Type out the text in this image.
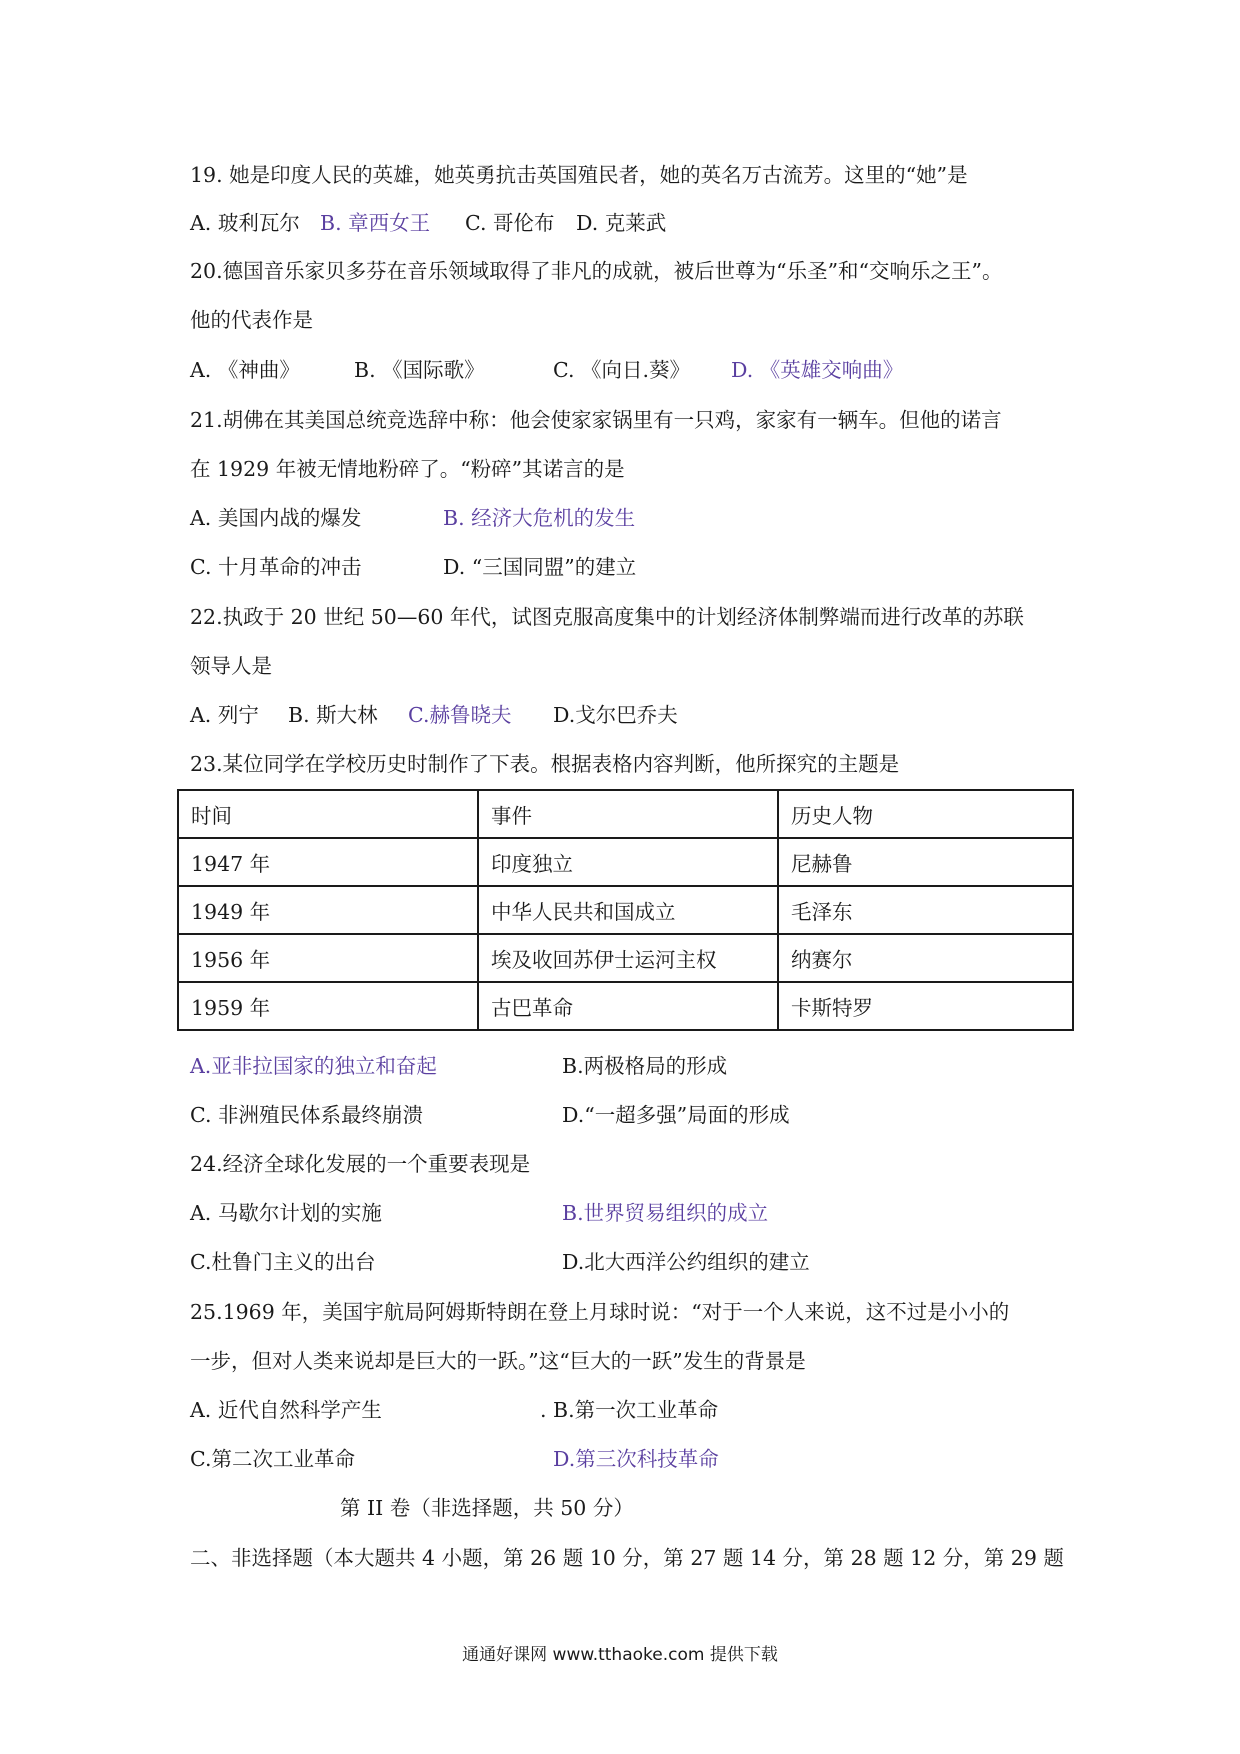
19. 她是印度人民的英雄，她英勇抗击英国殖民者，她的英名万古流芳。这里的“她”是
A. 玻利瓦尔 B. 章西女王 C. 哥伦布 D. 克莱武
20.德国音乐家贝多芬在音乐领域取得了非凡的成就，被后世尊为“乐圣”和“交响乐之王”。
他的代表作是
A. 《神曲》	B. 《国际歌》	C. 《向日.葵》 D. 《英雄交响曲》
21.胡佛在其美国总统竞选辞中称：他会使家家锅里有一只鸡，家家有一辆车。但他的诺言
在 1929 年被无情地粉碎了。“粉碎”其诺言的是
A. 美国内战的爆发	B. 经济大危机的发生
C. 十月革命的冲击	D. “三国同盟”的建立
22.执政于 20 世纪 50—60 年代，试图克服高度集中的计划经济体制弊端而进行改革的苏联
领导人是
A. 列宁 B. 斯大林 C.赫鲁晓夫 D.戈尔巴乔夫
23.某位同学在学校历史时制作了下表。根据表格内容判断，他所探究的主题是
时间	事件	历史人物
1947 年	印度独立	尼赫鲁
1949 年	中华人民共和国成立	毛泽东
1956 年	埃及收回苏伊士运河主权	纳赛尔
1959 年	古巴革命	卡斯特罗
A.亚非拉国家的独立和奋起	B.两极格局的形成
C. 非洲殖民体系最终崩溃	D.“一超多强”局面的形成
24.经济全球化发展的一个重要表现是
A. 马歇尔计划的实施	B.世界贸易组织的成立
C.杜鲁门主义的出台	D.北大西洋公约组织的建立
25.1969 年，美国宇航局阿姆斯特朗在登上月球时说：“对于一个人来说，这不过是小小的
一步，但对人类来说却是巨大的一跃。”这“巨大的一跃”发生的背景是
A. 近代自然科学产生	. B.第一次工业革命
C.第二次工业革命	D.第三次科技革命
第 II 卷（非选择题，共 50 分）
二、非选择题（本大题共 4 小题，第 26 题 10 分，第 27 题 14 分，第 28 题 12 分，第 29 题
通通好课网 www.tthaoke.com 提供下载
